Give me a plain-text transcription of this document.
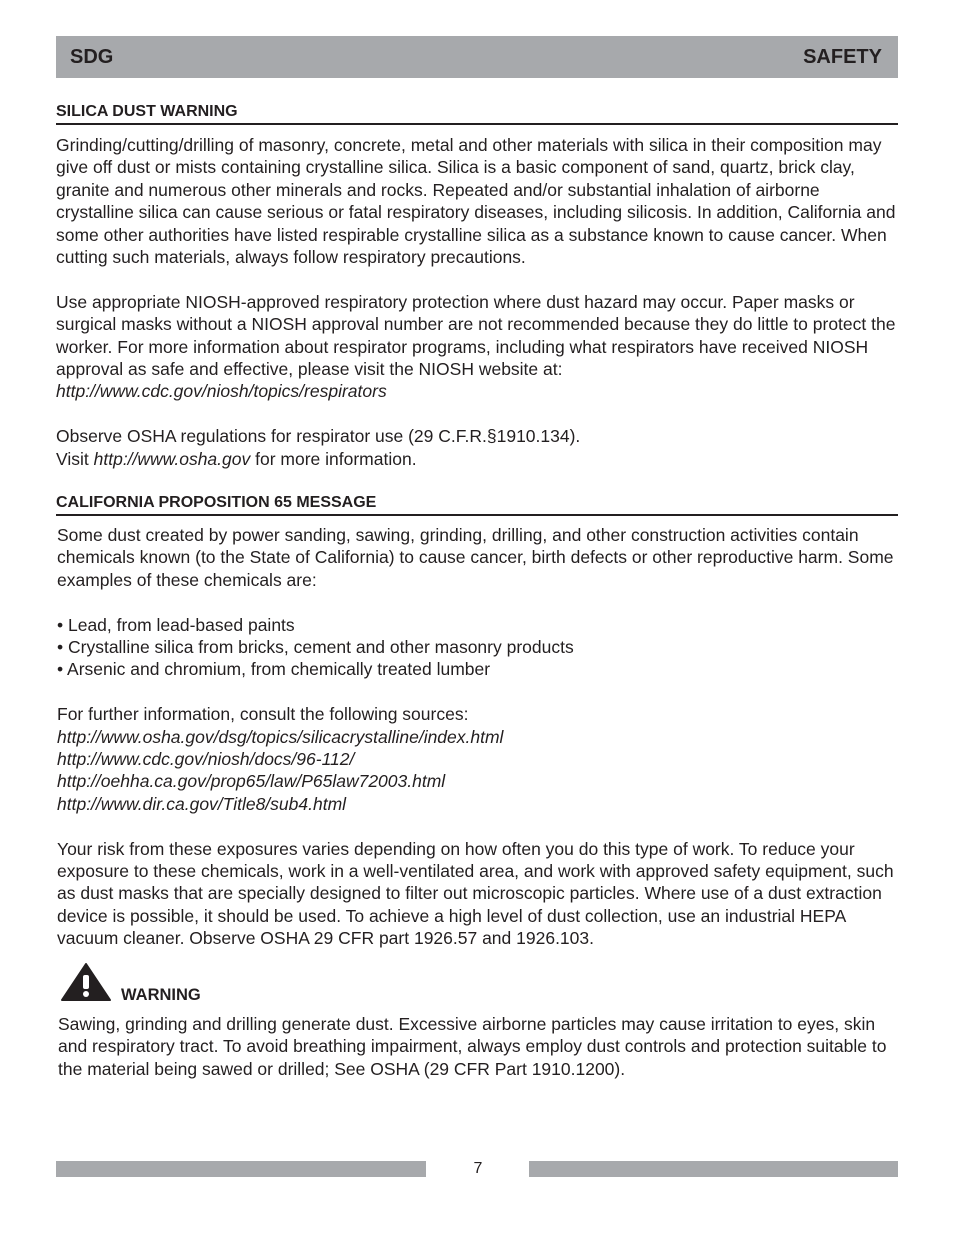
SDG	SAFETY
SILICA DUST WARNING

Grinding/cutting/drilling of masonry, concrete, metal and other materials with silica in their composition may give off dust or mists containing crystalline silica. Silica is a basic component of sand, quartz, brick clay, granite and numerous other minerals and rocks. Repeated and/or substantial inhalation of airborne crystalline silica can cause serious or fatal respiratory diseases, including silicosis. In addition, California and some other authorities have listed respirable crystalline silica as a substance known to cause cancer. When cutting such materials, always follow respiratory precautions.

Use appropriate NIOSH-approved respiratory protection where dust hazard may occur. Paper masks or surgical masks without a NIOSH approval number are not recommended because they do little to protect the worker. For more information about respirator programs, including what respirators have received NIOSH approval as safe and effective, please visit the NIOSH website at:
http://www.cdc.gov/niosh/topics/respirators

Observe OSHA regulations for respirator use (29 C.F.R.§1910.134).
Visit http://www.osha.gov for more information.

CALIFORNIA PROPOSITION 65 MESSAGE

Some dust created by power sanding, sawing, grinding, drilling, and other construction activities contain chemicals known (to the State of California) to cause cancer, birth defects or other reproductive harm. Some examples of these chemicals are:

• Lead, from lead-based paints
• Crystalline silica from bricks, cement and other masonry products
• Arsenic and chromium, from chemically treated lumber

For further information, consult the following sources:
http://www.osha.gov/dsg/topics/silicacrystalline/index.html
http://www.cdc.gov/niosh/docs/96-112/
http://oehha.ca.gov/prop65/law/P65law72003.html
http://www.dir.ca.gov/Title8/sub4.html

Your risk from these exposures varies depending on how often you do this type of work. To reduce your exposure to these chemicals, work in a well-ventilated area, and work with approved safety equipment, such as dust masks that are specially designed to filter out microscopic particles. Where use of a dust extraction device is possible, it should be used. To achieve a high level of dust collection, use an industrial HEPA vacuum cleaner. Observe OSHA 29 CFR part 1926.57 and 1926.103.

WARNING
Sawing, grinding and drilling generate dust. Excessive airborne particles may cause irritation to eyes, skin and respiratory tract. To avoid breathing impairment, always employ dust controls and protection suitable to the material being sawed or drilled; See OSHA (29 CFR Part 1910.1200).
7
